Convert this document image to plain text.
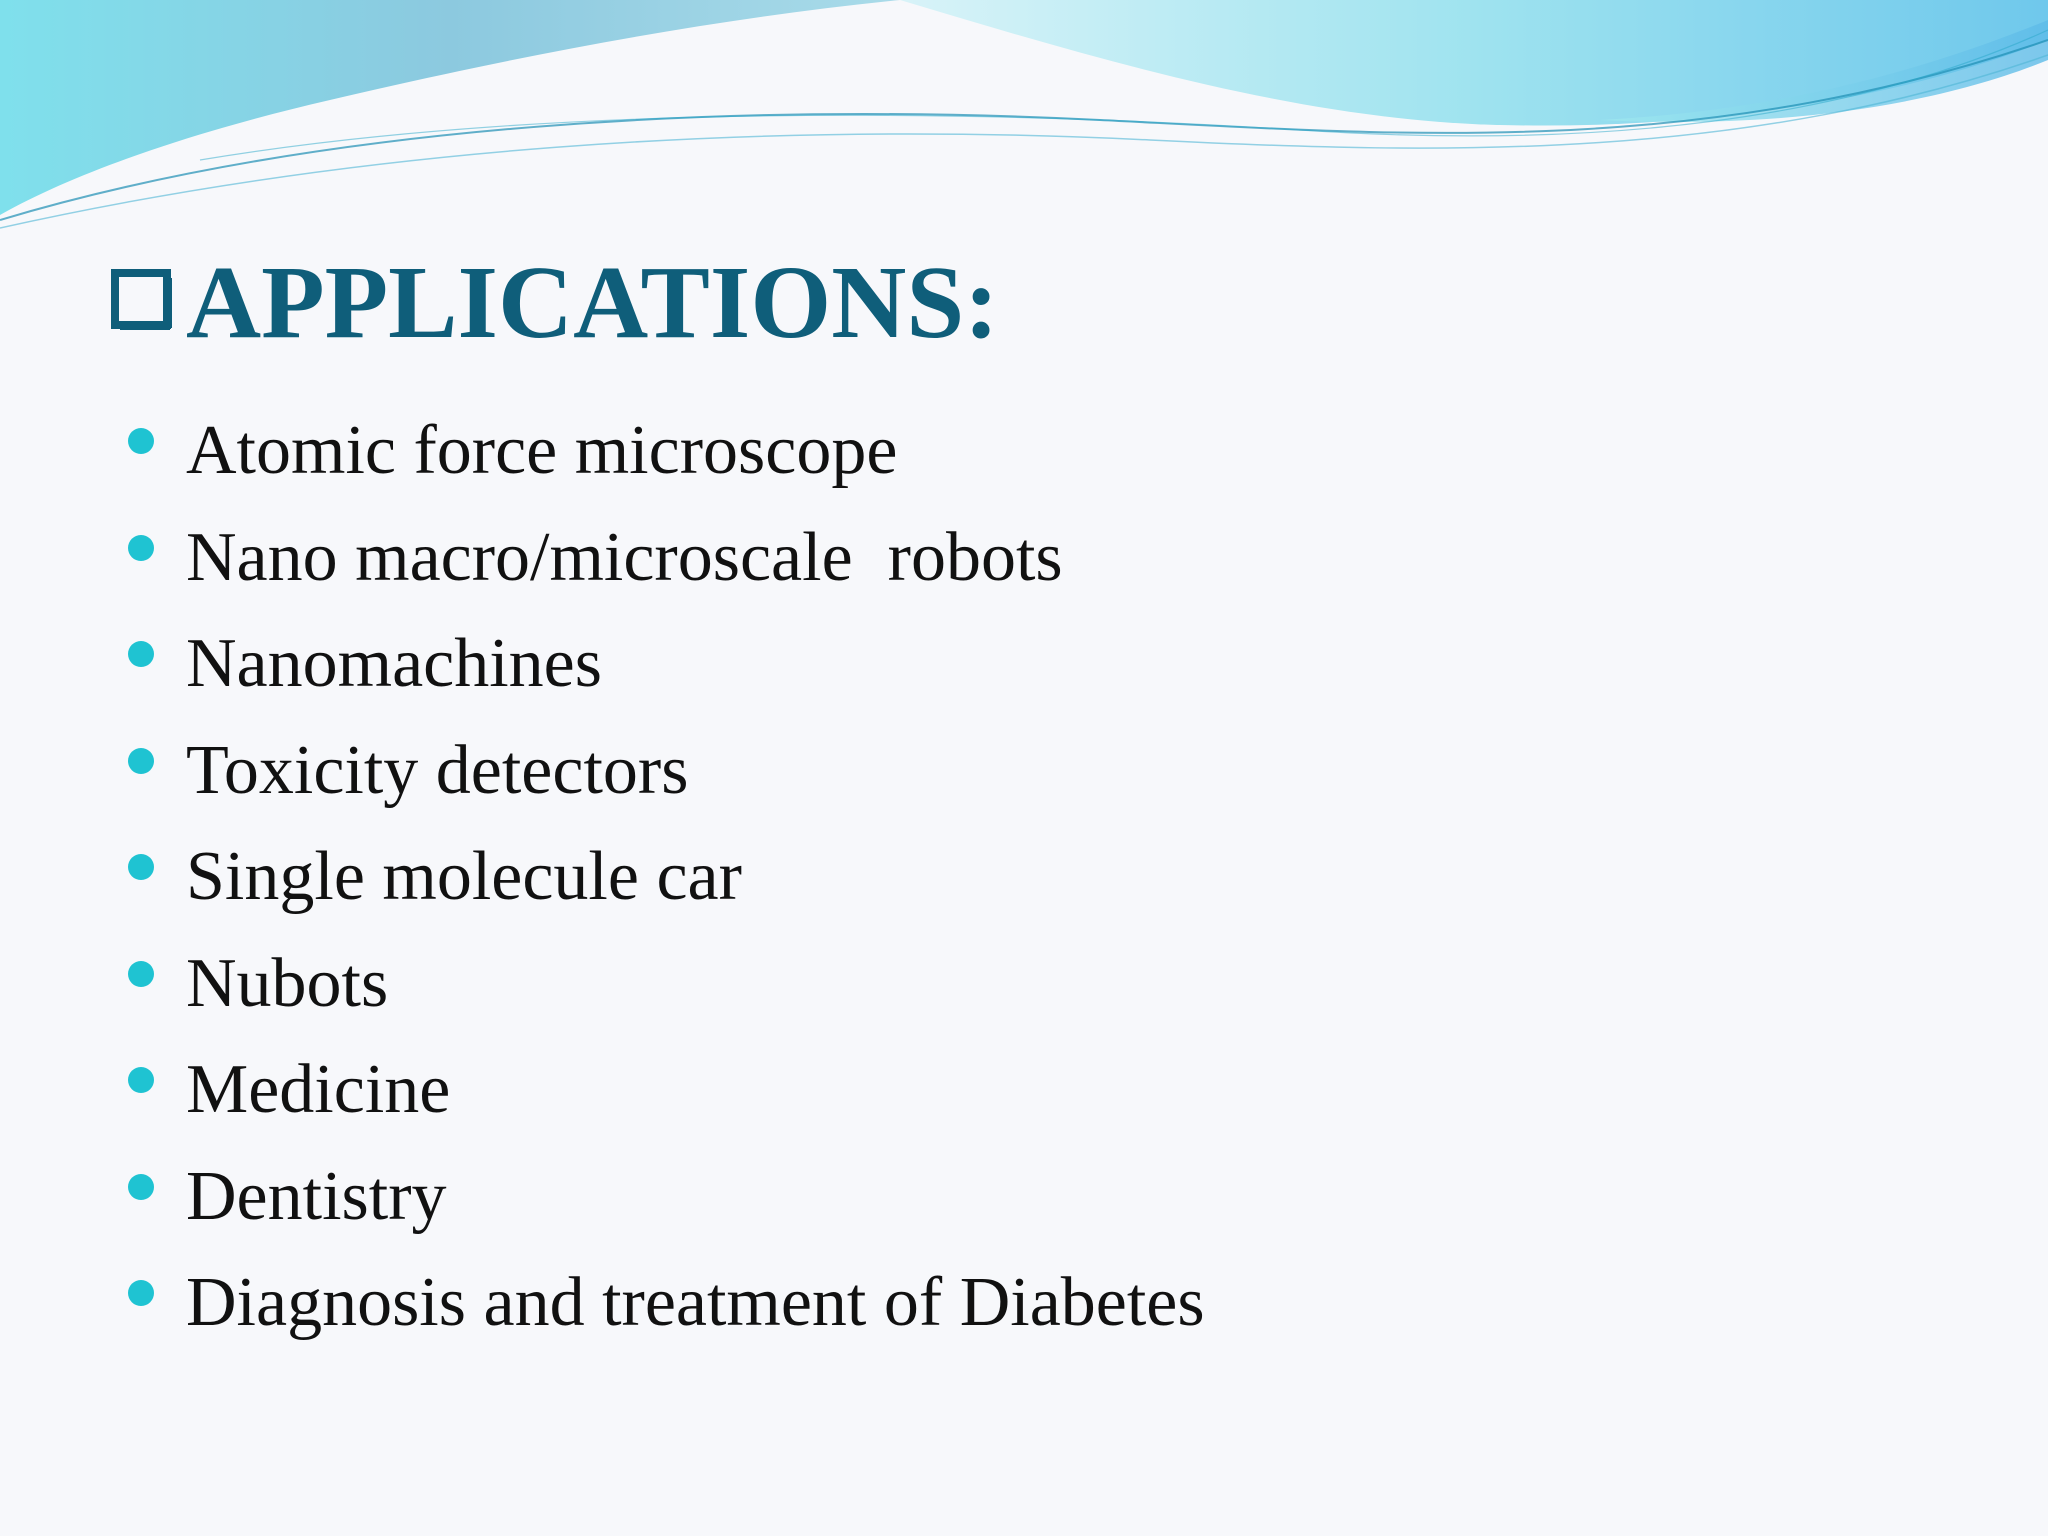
APPLICATIONS:
Atomic force microscope
Nano macro/microscale  robots
Nanomachines
Toxicity detectors
Single molecule car
Nubots
Medicine
Dentistry
Diagnosis and treatment of Diabetes
